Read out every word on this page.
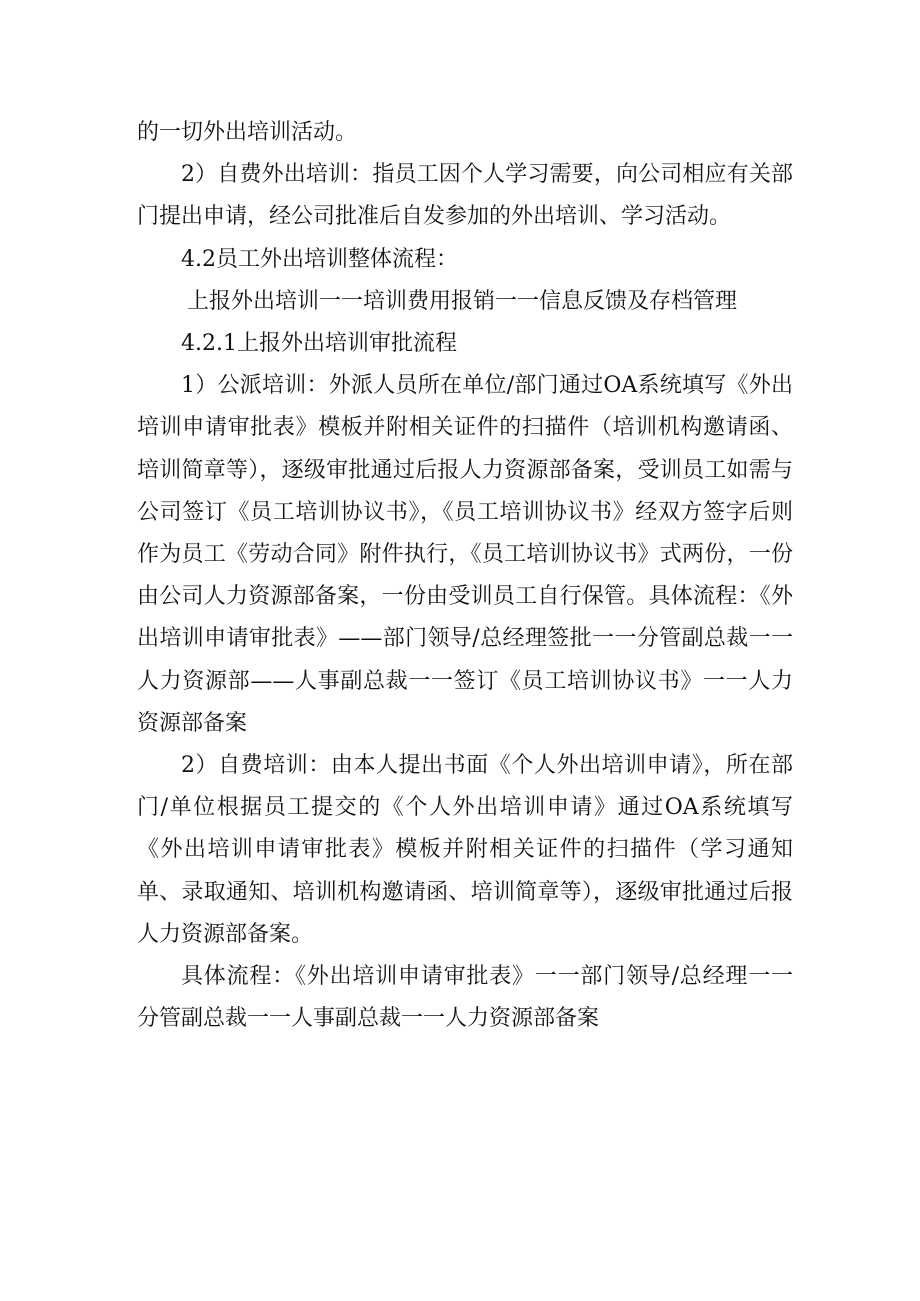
的一切外出培训活动。

2）自费外出培训：指员工因个人学习需要，向公司相应有关部门提出申请，经公司批准后自发参加的外出培训、学习活动。

4.2员工外出培训整体流程：

上报外出培训一一培训费用报销一一信息反馈及存档管理

4.2.1上报外出培训审批流程

1）公派培训：外派人员所在单位/部门通过OA系统填写《外出培训申请审批表》模板并附相关证件的扫描件（培训机构邀请函、培训简章等），逐级审批通过后报人力资源部备案，受训员工如需与公司签订《员工培训协议书》，《员工培训协议书》经双方签字后则作为员工《劳动合同》附件执行，《员工培训协议书》式两份，一份由公司人力资源部备案，一份由受训员工自行保管。具体流程：《外出培训申请审批表》——部门领导/总经理签批一一分管副总裁一一人力资源部——人事副总裁一一签订《员工培训协议书》一一人力资源部备案

2）自费培训：由本人提出书面《个人外出培训申请》，所在部门/单位根据员工提交的《个人外出培训申请》通过OA系统填写《外出培训申请审批表》模板并附相关证件的扫描件（学习通知单、录取通知、培训机构邀请函、培训简章等），逐级审批通过后报人力资源部备案。

具体流程：《外出培训申请审批表》一一部门领导/总经理一一分管副总裁一一人事副总裁一一人力资源部备案
